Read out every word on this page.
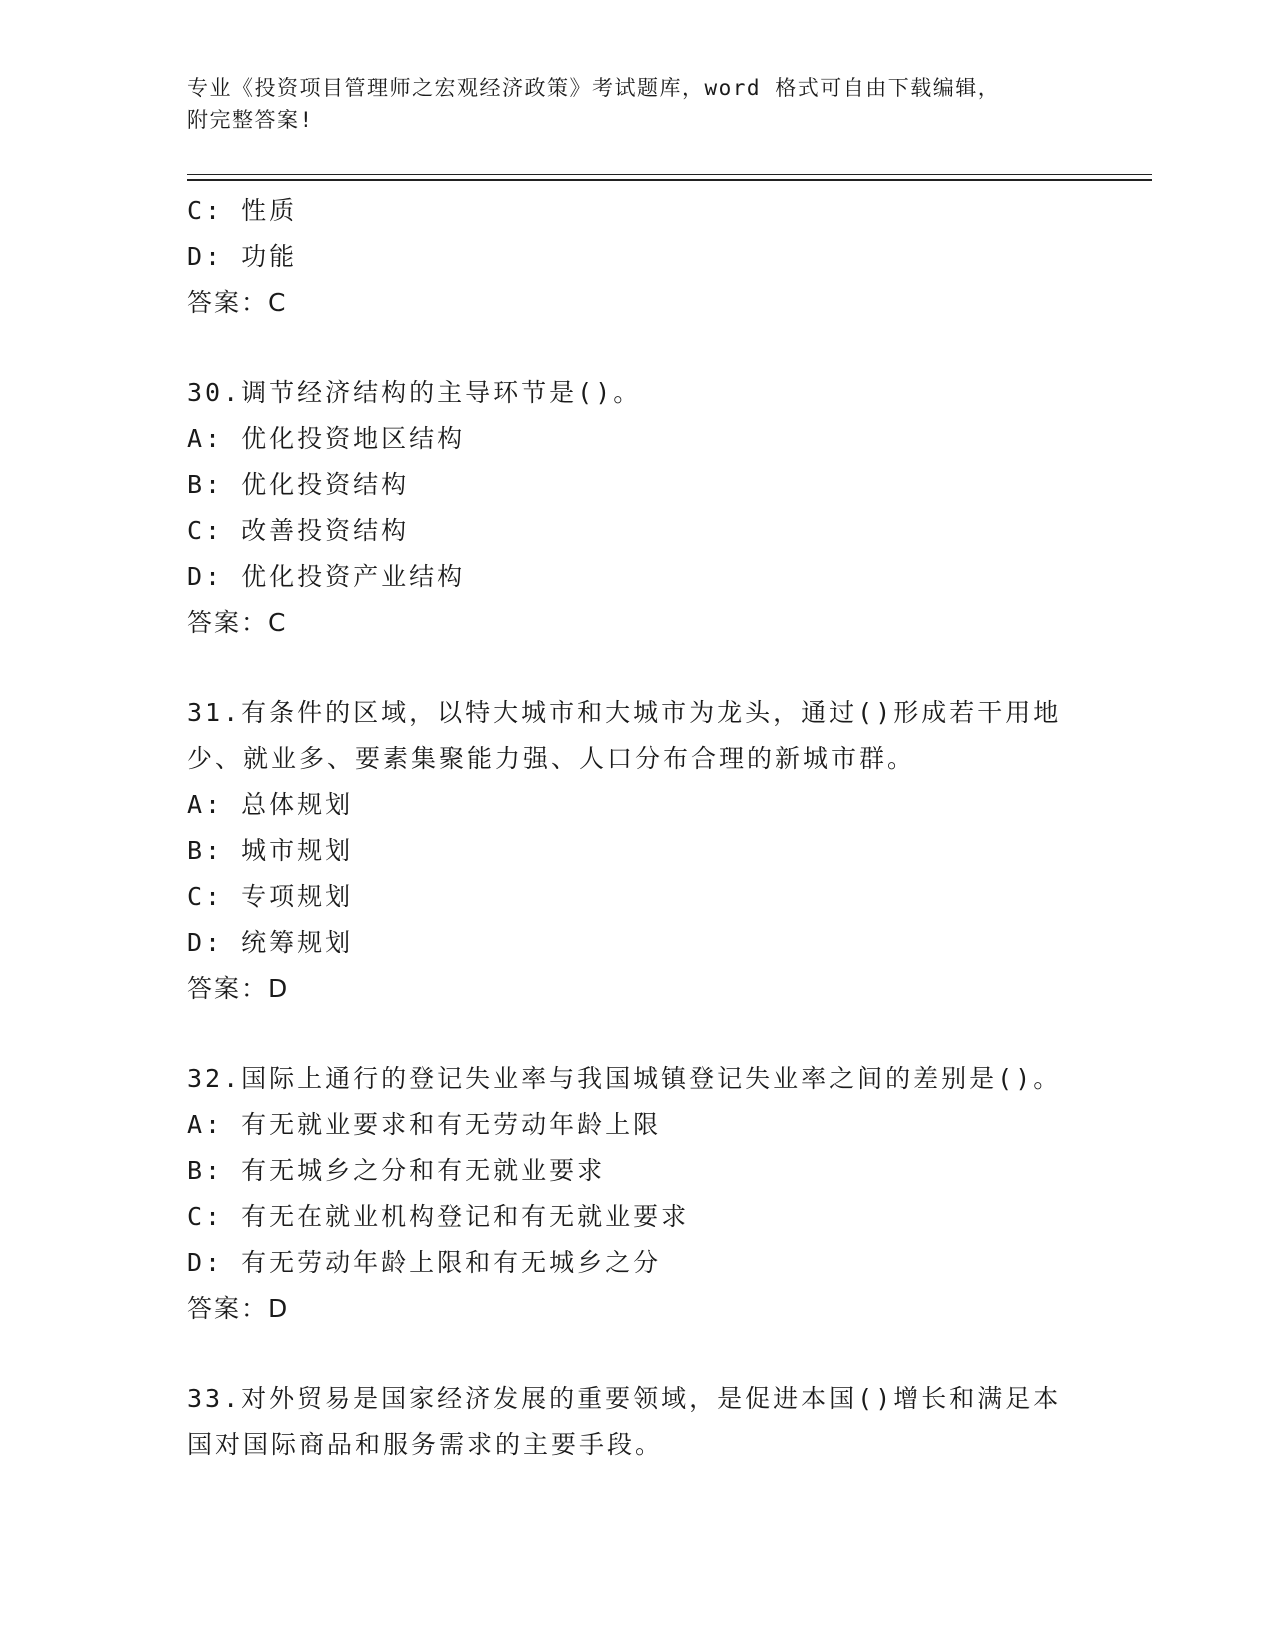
专业《投资项目管理师之宏观经济政策》考试题库，word 格式可自由下载编辑，
附完整答案!
C: 性质
D: 功能
答案：C
30.调节经济结构的主导环节是()。
A: 优化投资地区结构
B: 优化投资结构
C: 改善投资结构
D: 优化投资产业结构
答案：C
31.有条件的区域，以特大城市和大城市为龙头，通过()形成若干用地
少、就业多、要素集聚能力强、人口分布合理的新城市群。
A: 总体规划
B: 城市规划
C: 专项规划
D: 统筹规划
答案：D
32.国际上通行的登记失业率与我国城镇登记失业率之间的差别是()。
A: 有无就业要求和有无劳动年龄上限
B: 有无城乡之分和有无就业要求
C: 有无在就业机构登记和有无就业要求
D: 有无劳动年龄上限和有无城乡之分
答案：D
33.对外贸易是国家经济发展的重要领域，是促进本国()增长和满足本
国对国际商品和服务需求的主要手段。
